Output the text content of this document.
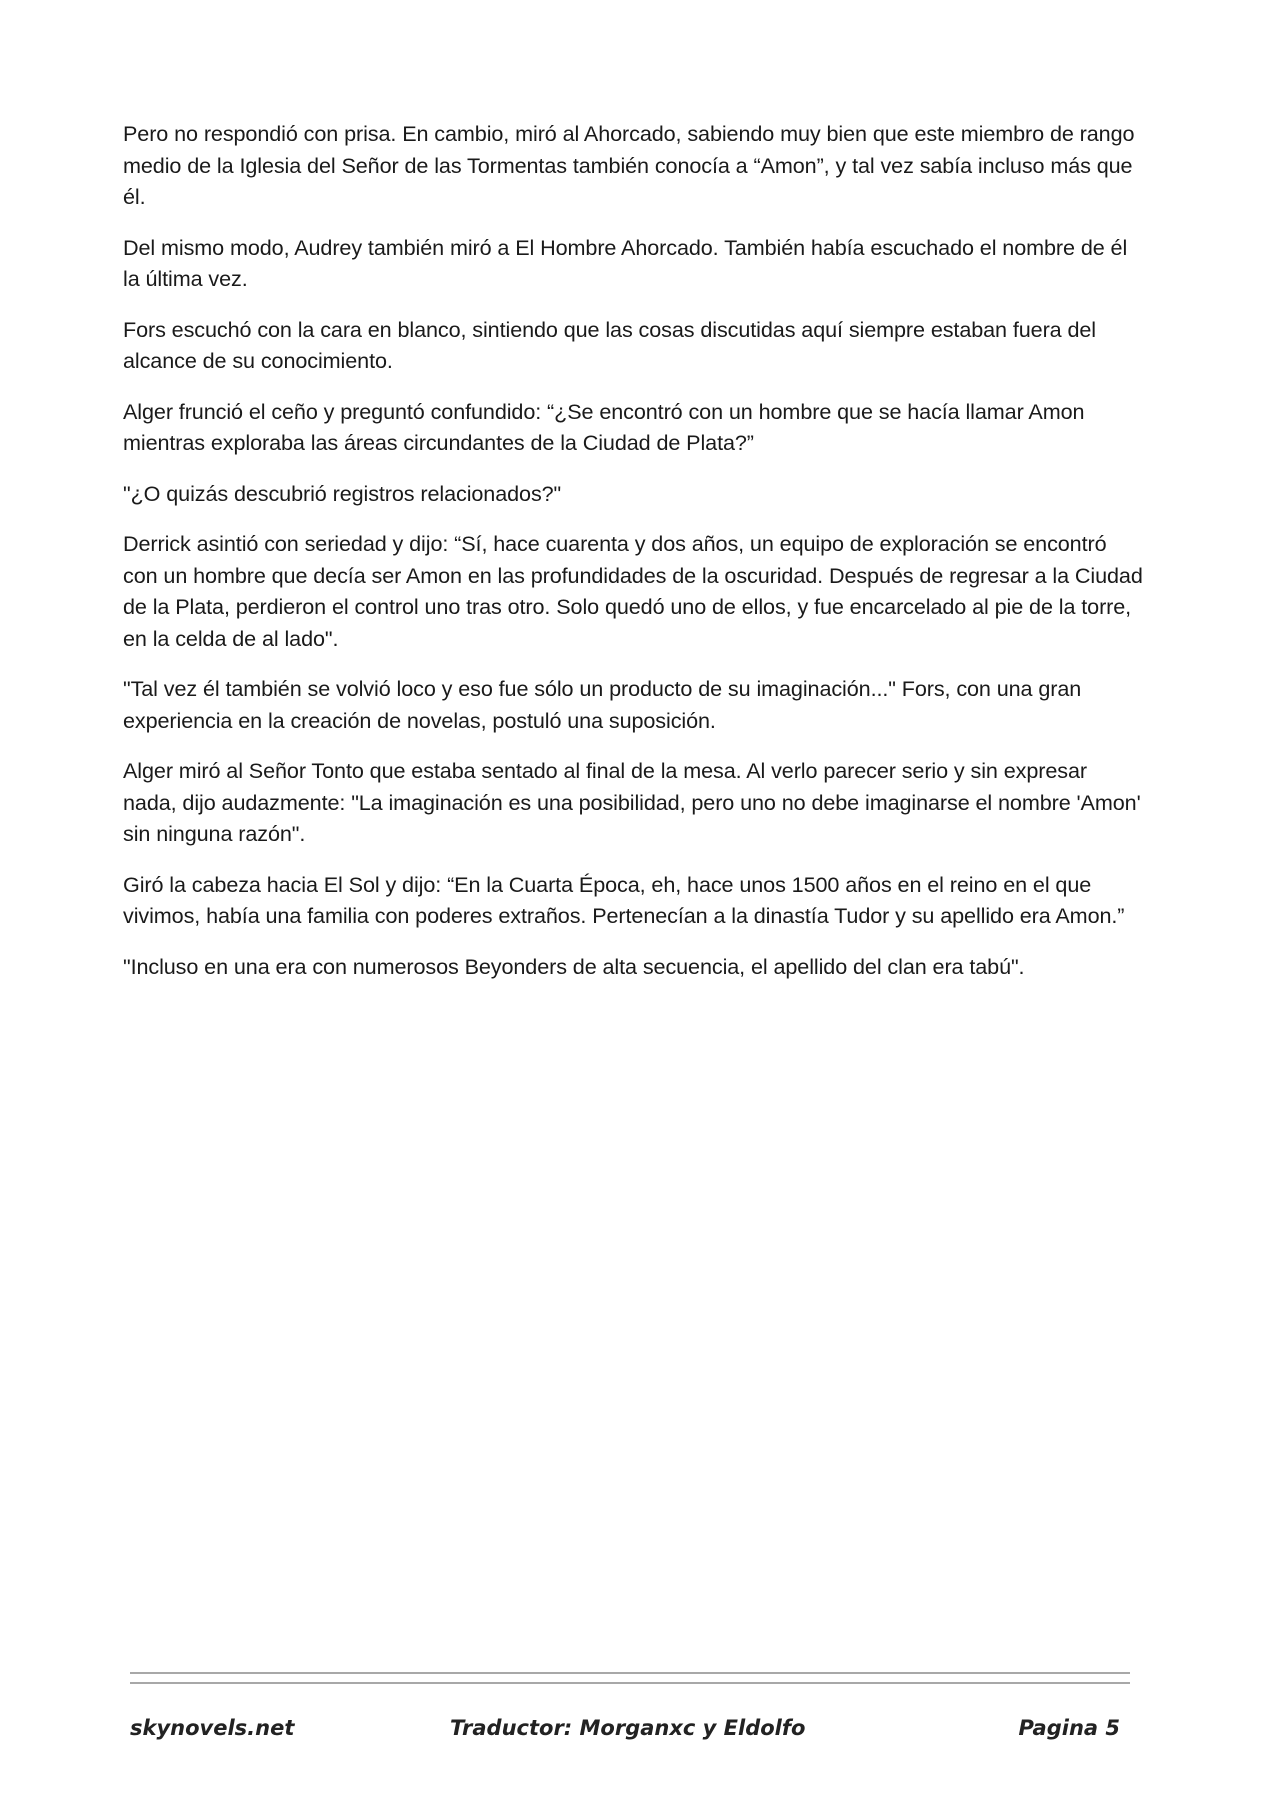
Pero no respondió con prisa. En cambio, miró al Ahorcado, sabiendo muy bien que este miembro de rango medio de la Iglesia del Señor de las Tormentas también conocía a “Amon”, y tal vez sabía incluso más que él.

Del mismo modo, Audrey también miró a El Hombre Ahorcado. También había escuchado el nombre de él la última vez.

Fors escuchó con la cara en blanco, sintiendo que las cosas discutidas aquí siempre estaban fuera del alcance de su conocimiento.

Alger frunció el ceño y preguntó confundido: “¿Se encontró con un hombre que se hacía llamar Amon mientras exploraba las áreas circundantes de la Ciudad de Plata?”

"¿O quizás descubrió registros relacionados?"

Derrick asintió con seriedad y dijo: “Sí, hace cuarenta y dos años, un equipo de exploración se encontró con un hombre que decía ser Amon en las profundidades de la oscuridad. Después de regresar a la Ciudad de la Plata, perdieron el control uno tras otro. Solo quedó uno de ellos, y fue encarcelado al pie de la torre, en la celda de al lado".

"Tal vez él también se volvió loco y eso fue sólo un producto de su imaginación..." Fors, con una gran experiencia en la creación de novelas, postuló una suposición.

Alger miró al Señor Tonto que estaba sentado al final de la mesa. Al verlo parecer serio y sin expresar nada, dijo audazmente: "La imaginación es una posibilidad, pero uno no debe imaginarse el nombre 'Amon' sin ninguna razón".

Giró la cabeza hacia El Sol y dijo: “En la Cuarta Época, eh, hace unos 1500 años en el reino en el que vivimos, había una familia con poderes extraños. Pertenecían a la dinastía Tudor y su apellido era Amon.”

"Incluso en una era con numerosos Beyonders de alta secuencia, el apellido del clan era tabú".

skynovels.net	Traductor: Morganxc y Eldolfo	Pagina 5
